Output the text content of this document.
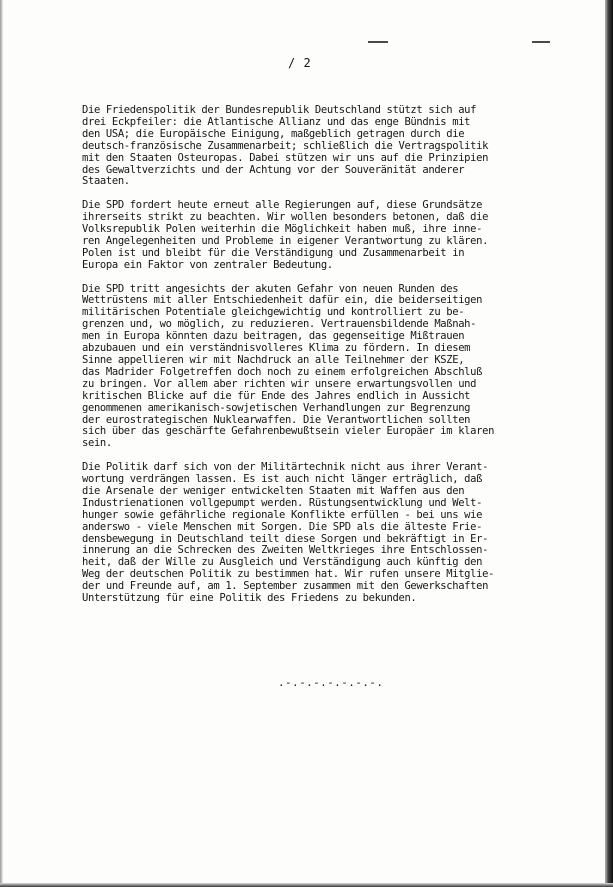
/ 2
Die Friedenspolitik der Bundesrepublik Deutschland stützt sich auf
drei Eckpfeiler: die Atlantische Allianz und das enge Bündnis mit
den USA; die Europäische Einigung, maßgeblich getragen durch die
deutsch-französische Zusammenarbeit; schließlich die Vertragspolitik
mit den Staaten Osteuropas. Dabei stützen wir uns auf die Prinzipien
des Gewaltverzichts und der Achtung vor der Souveränität anderer
Staaten.
Die SPD fordert heute erneut alle Regierungen auf, diese Grundsätze
ihrerseits strikt zu beachten. Wir wollen besonders betonen, daß die
Volksrepublik Polen weiterhin die Möglichkeit haben muß, ihre inne-
ren Angelegenheiten und Probleme in eigener Verantwortung zu klären.
Polen ist und bleibt für die Verständigung und Zusammenarbeit in
Europa ein Faktor von zentraler Bedeutung.
Die SPD tritt angesichts der akuten Gefahr von neuen Runden des
Wettrüstens mit aller Entschiedenheit dafür ein, die beiderseitigen
militärischen Potentiale gleichgewichtig und kontrolliert zu be-
grenzen und, wo möglich, zu reduzieren. Vertrauensbildende Maßnah-
men in Europa könnten dazu beitragen, das gegenseitige Mißtrauen
abzubauen und ein verständnisvolleres Klima zu fördern. In diesem
Sinne appellieren wir mit Nachdruck an alle Teilnehmer der KSZE,
das Madrider Folgetreffen doch noch zu einem erfolgreichen Abschluß
zu bringen. Vor allem aber richten wir unsere erwartungsvollen und
kritischen Blicke auf die für Ende des Jahres endlich in Aussicht
genommenen amerikanisch-sowjetischen Verhandlungen zur Begrenzung
der eurostrategischen Nuklearwaffen. Die Verantwortlichen sollten
sich über das geschärfte Gefahrenbewußtsein vieler Europäer im klaren
sein.
Die Politik darf sich von der Militärtechnik nicht aus ihrer Verant-
wortung verdrängen lassen. Es ist auch nicht länger erträglich, daß
die Arsenale der weniger entwickelten Staaten mit Waffen aus den
Industrienationen vollgepumpt werden. Rüstungsentwicklung und Welt-
hunger sowie gefährliche regionale Konflikte erfüllen - bei uns wie
anderswo - viele Menschen mit Sorgen. Die SPD als die älteste Frie-
densbewegung in Deutschland teilt diese Sorgen und bekräftigt in Er-
innerung an die Schrecken des Zweiten Weltkrieges ihre Entschlossen-
heit, daß der Wille zu Ausgleich und Verständigung auch künftig den
Weg der deutschen Politik zu bestimmen hat. Wir rufen unsere Mitglie-
der und Freunde auf, am 1. September zusammen mit den Gewerkschaften
Unterstützung für eine Politik des Friedens zu bekunden.
.-.-.-.-.-.-.-.
